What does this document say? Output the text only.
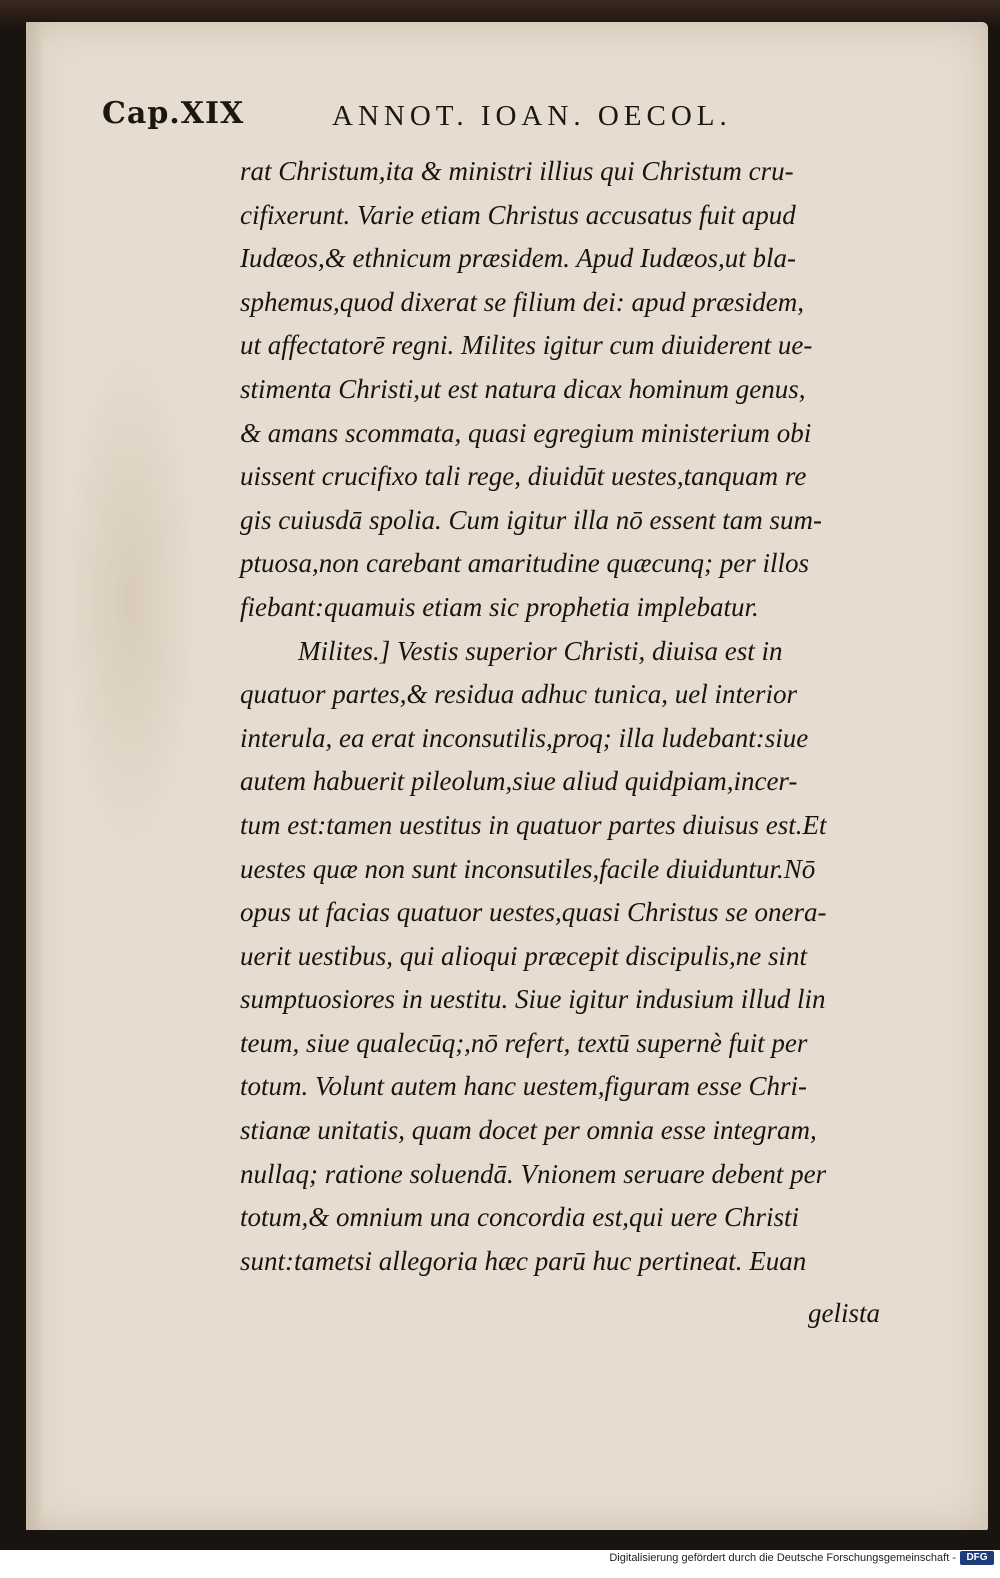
Cap.XIX	ANNOT. IOAN. OECOL.
rat Christum,ita & ministri illius qui Christum cru-
cifixerunt. Varie etiam Christus accusatus fuit apud
Iudæos,& ethnicum præsidem. Apud Iudæos,ut bla-
sphemus,quod dixerat se filium dei: apud præsidem,
ut affectatorē regni. Milites igitur cum diuiderent ue-
stimenta Christi,ut est natura dicax hominum genus,
& amans scommata, quasi egregium ministerium obi
uissent crucifixo tali rege, diuidūt uestes,tanquam re
gis cuiusdā spolia. Cum igitur illa nō essent tam sum-
ptuosa,non carebant amaritudine quæcunq; per illos
fiebant:quamuis etiam sic prophetia implebatur.
Milites.] Vestis superior Christi, diuisa est in
quatuor partes,& residua adhuc tunica, uel interior
interula, ea erat inconsutilis,proq; illa ludebant:siue
autem habuerit pileolum,siue aliud quidpiam,incer-
tum est:tamen uestitus in quatuor partes diuisus est.Et
uestes quæ non sunt inconsutiles,facile diuiduntur.Nō
opus ut facias quatuor uestes,quasi Christus se onera-
uerit uestibus, qui alioqui præcepit discipulis,ne sint
sumptuosiores in uestitu. Siue igitur indusium illud lin
teum, siue qualecūq;,nō refert, textū supernè fuit per
totum. Volunt autem hanc uestem,figuram esse Chri-
stianæ unitatis, quam docet per omnia esse integram,
nullaq; ratione soluendā. Vnionem seruare debent per
totum,& omnium una concordia est,qui uere Christi
sunt:tametsi allegoria hæc parū huc pertineat. Euan
gelista
Digitalisierung gefördert durch die Deutsche Forschungsgemeinschaft -	DFG
